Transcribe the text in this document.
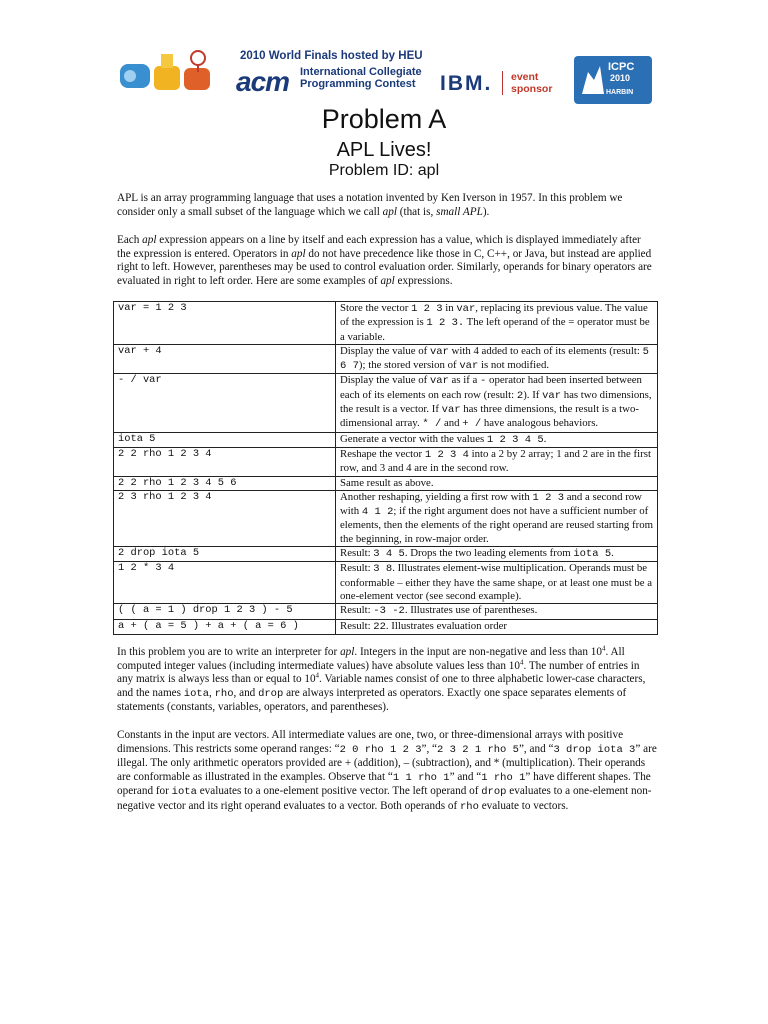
2010 World Finals hosted by HEU
acm International Collegiate
Programming Contest IBM. event
sponsor
ICPC
2010
HARBIN
Problem A
APL Lives!
Problem ID: apl
APL is an array programming language that uses a notation invented by Ken Iverson in 1957. In this problem we consider only a small subset of the language which we call apl (that is, small APL).
Each apl expression appears on a line by itself and each expression has a value, which is displayed immediately after the expression is entered. Operators in apl do not have precedence like those in C, C++, or Java, but instead are applied right to left. However, parentheses may be used to control evaluation order. Similarly, operands for binary operators are evaluated in right to left order. Here are some examples of apl expressions.
var = 1 2 3	Store the vector 1 2 3 in var, replacing its previous value. The value of the expression is 1 2 3. The left operand of the = operator must be a variable.
var + 4	Display the value of var with 4 added to each of its elements (result: 5 6 7); the stored version of var is not modified.
- / var	Display the value of var as if a - operator had been inserted between each of its elements on each row (result: 2). If var has two dimensions, the result is a vector. If var has three dimensions, the result is a two-dimensional array. * / and + / have analogous behaviors.
iota 5	Generate a vector with the values 1 2 3 4 5.
2 2 rho 1 2 3 4	Reshape the vector 1 2 3 4 into a 2 by 2 array; 1 and 2 are in the first row, and 3 and 4 are in the second row.
2 2 rho 1 2 3 4 5 6	Same result as above.
2 3 rho 1 2 3 4	Another reshaping, yielding a first row with 1 2 3 and a second row with 4 1 2; if the right argument does not have a sufficient number of elements, then the elements of the right operand are reused starting from the beginning, in row-major order.
2 drop iota 5	Result: 3 4 5. Drops the two leading elements from iota 5.
1 2 * 3 4	Result: 3 8. Illustrates element-wise multiplication. Operands must be conformable – either they have the same shape, or at least one must be a one-element vector (see second example).
( ( a = 1 ) drop 1 2 3 ) - 5	Result: -3 -2. Illustrates use of parentheses.
a + ( a = 5 ) + a + ( a = 6 )	Result: 22. Illustrates evaluation order
In this problem you are to write an interpreter for apl. Integers in the input are non-negative and less than $10^4$. All computed integer values (including intermediate values) have absolute values less than $10^4$. The number of entries in any matrix is always less than or equal to $10^4$. Variable names consist of one to three alphabetic lower-case characters, and the names iota, rho, and drop are always interpreted as operators. Exactly one space separates elements of statements (constants, variables, operators, and parentheses).
Constants in the input are vectors. All intermediate values are one, two, or three-dimensional arrays with positive dimensions. This restricts some operand ranges: “2 0 rho 1 2 3”, “2 3 2 1 rho 5”, and “3 drop iota 3” are illegal. The only arithmetic operators provided are + (addition), – (subtraction), and * (multiplication). Their operands are conformable as illustrated in the examples. Observe that “1 1 rho 1” and “1 rho 1” have different shapes. The operand for iota evaluates to a one-element positive vector. The left operand of drop evaluates to a one-element non-negative vector and its right operand evaluates to a vector. Both operands of rho evaluate to vectors.
